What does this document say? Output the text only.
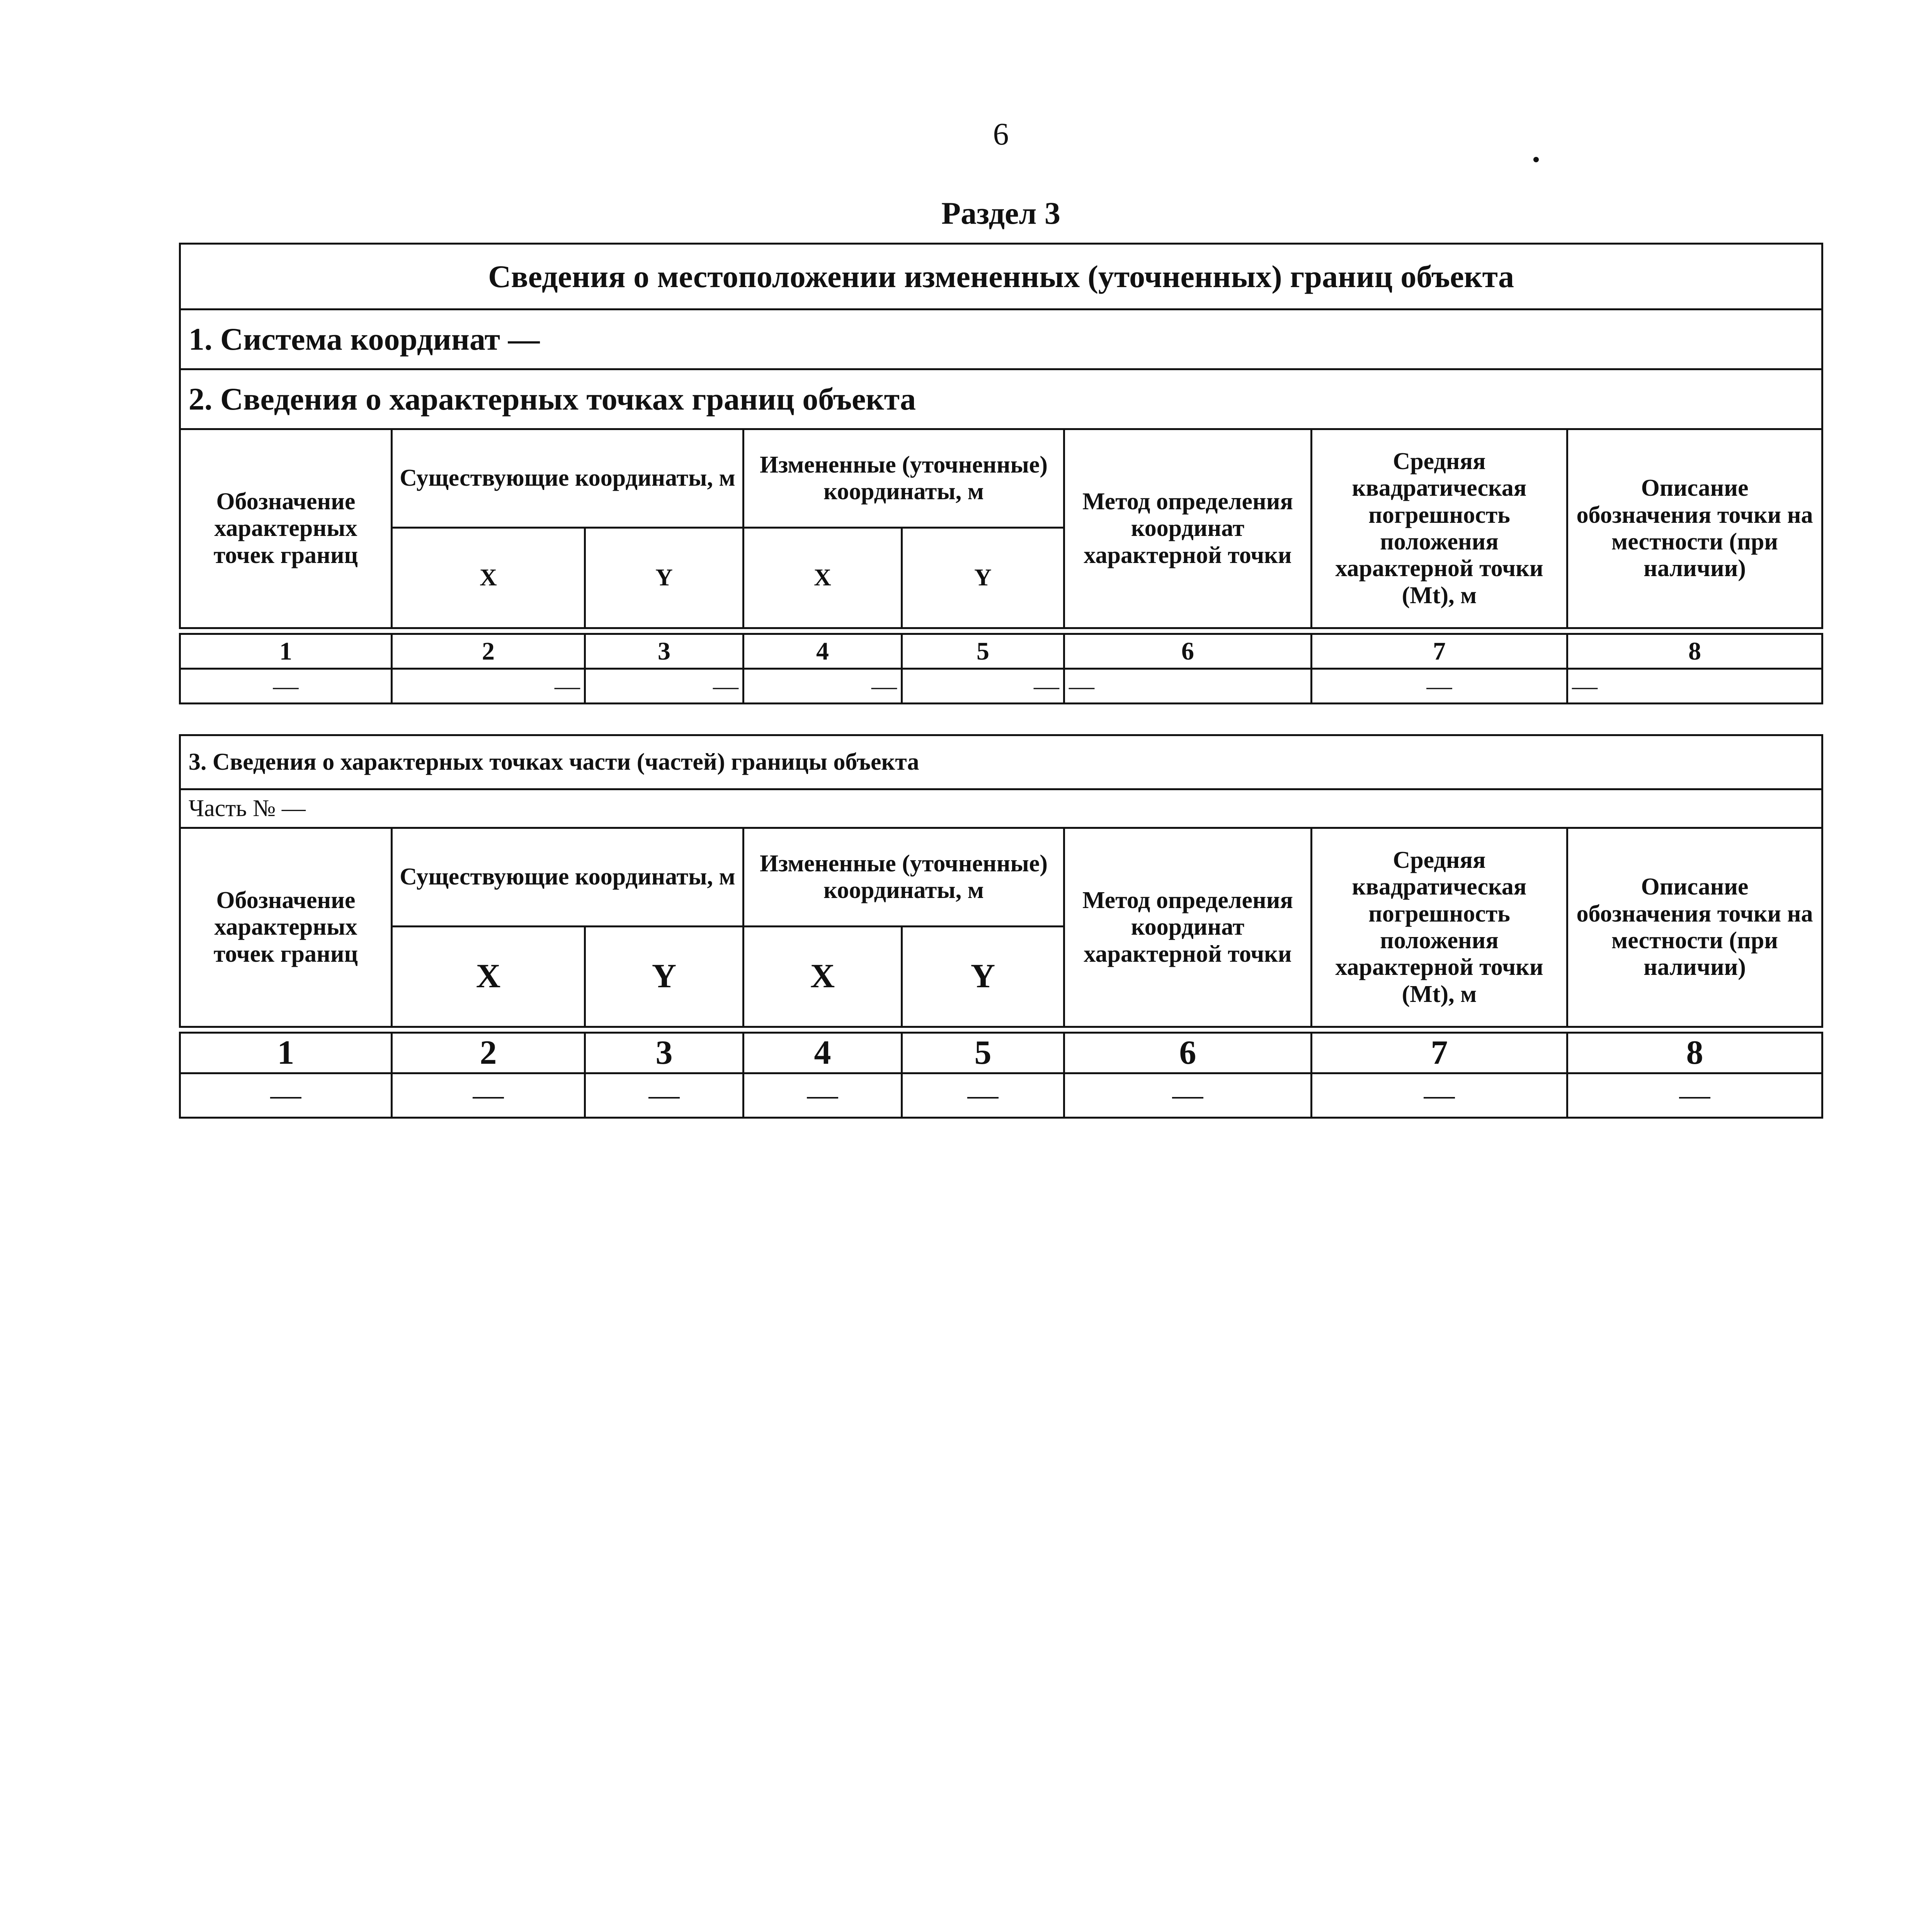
6
Раздел 3
Сведения о местоположении измененных (уточненных) границ объекта							
1. Система координат —							
2. Сведения о характерных точках границ объекта							
Обозначение характерных точек границ	Существующие координаты, м		Измененные (уточненные) координаты, м		Метод определения координат характерной точки	Средняя квадратическая погрешность положения характерной точки (Mt), м	Описание обозначения точки на местности (при наличии)
	X	Y	X	Y			

1	2	3	4	5	6	7	8
—	—	—	—	—	—	—	—
3. Сведения о характерных точках части (частей) границы объекта							
Часть № —							
Обозначение характерных точек границ	Существующие координаты, м		Измененные (уточненные) координаты, м		Метод определения координат характерной точки	Средняя квадратическая погрешность положения характерной точки (Mt), м	Описание обозначения точки на местности (при наличии)
	X	Y	X	Y			

1	2	3	4	5	6	7	8
—	—	—	—	—	—	—	—
